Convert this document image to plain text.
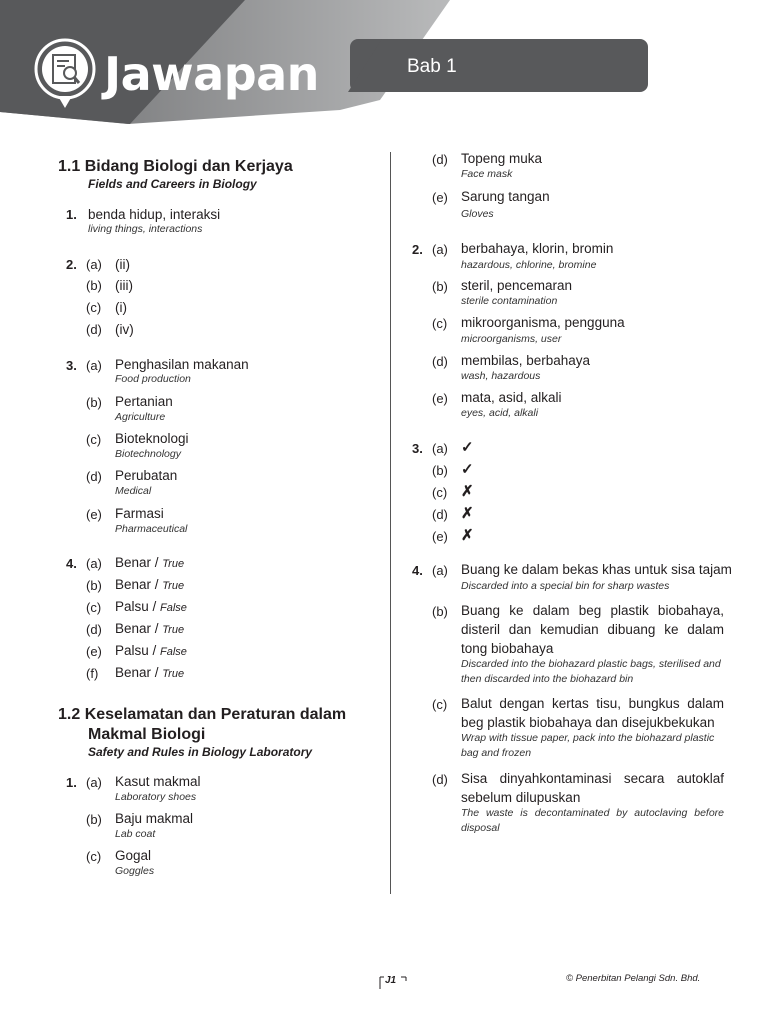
Jawapan	Bab 1
1.1 Bidang Biologi dan Kerjaya
Fields and Careers in Biology
1. benda hidup, interaksi
living things, interactions
2. (a) (ii)
(b) (iii)
(c) (i)
(d) (iv)
3. (a) Penghasilan makanan
Food production
(b) Pertanian
Agriculture
(c) Bioteknologi
Biotechnology
(d) Perubatan
Medical
(e) Farmasi
Pharmaceutical
4. (a) Benar / True
(b) Benar / True
(c) Palsu / False
(d) Benar / True
(e) Palsu / False
(f) Benar / True
1.2 Keselamatan dan Peraturan dalam
Makmal Biologi
Safety and Rules in Biology Laboratory
1. (a) Kasut makmal
Laboratory shoes
(b) Baju makmal
Lab coat
(c) Gogal
Goggles
(d) Topeng muka
Face mask
(e) Sarung tangan
Gloves
2. (a) berbahaya, klorin, bromin
hazardous, chlorine, bromine
(b) steril, pencemaran
sterile contamination
(c) mikroorganisma, pengguna
microorganisms, user
(d) membilas, berbahaya
wash, hazardous
(e) mata, asid, alkali
eyes, acid, alkali
3. (a) ✓
(b) ✓
(c) ✗
(d) ✗
(e) ✗
4. (a) Buang ke dalam bekas khas untuk sisa tajam
Discarded into a special bin for sharp wastes
(b) Buang ke dalam beg plastik biobahaya,
disteril dan kemudian dibuang ke dalam
tong biobahaya
Discarded into the biohazard plastic bags, sterilised and
then discarded into the biohazard bin
(c) Balut dengan kertas tisu, bungkus dalam
beg plastik biobahaya dan disejukbekukan
Wrap with tissue paper, pack into the biohazard plastic
bag and frozen
(d) Sisa dinyahkontaminasi secara autoklaf
sebelum dilupuskan
The waste is decontaminated by autoclaving before
disposal
J1	© Penerbitan Pelangi Sdn. Bhd.
